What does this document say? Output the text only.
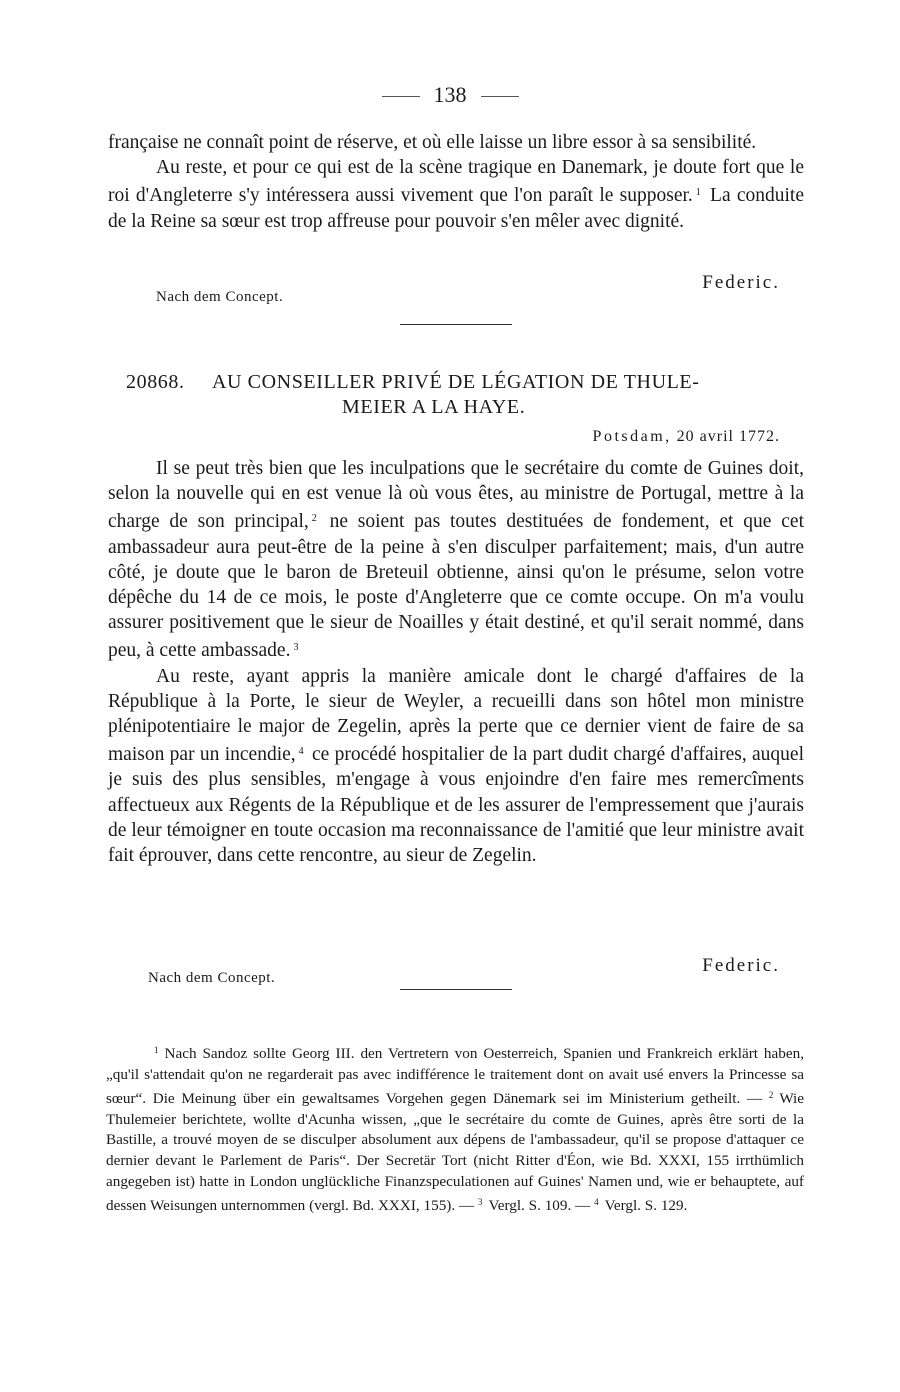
138

française ne connaît point de réserve, et où elle laisse un libre essor à sa sensibilité.

Au reste, et pour ce qui est de la scène tragique en Danemark, je doute fort que le roi d'Angleterre s'y intéressera aussi vivement que l'on paraît le supposer. $^1$ La conduite de la Reine sa sœur est trop affreuse pour pouvoir s'en mêler avec dignité.

Federic.
Nach dem Concept.
20868. AU CONSEILLER PRIVÉ DE LÉGATION DE THULE-
MEIER A LA HAYE.
Potsdam, 20 avril 1772.

Il se peut très bien que les inculpations que le secrétaire du comte de Guines doit, selon la nouvelle qui en est venue là où vous êtes, au ministre de Portugal, mettre à la charge de son principal, $^2$ ne soient pas toutes destituées de fondement, et que cet ambassadeur aura peut-être de la peine à s'en disculper parfaitement; mais, d'un autre côté, je doute que le baron de Breteuil obtienne, ainsi qu'on le présume, selon votre dépêche du 14 de ce mois, le poste d'Angleterre que ce comte occupe. On m'a voulu assurer positivement que le sieur de Noailles y était destiné, et qu'il serait nommé, dans peu, à cette ambassade. $^3$

Au reste, ayant appris la manière amicale dont le chargé d'affaires de la République à la Porte, le sieur de Weyler, a recueilli dans son hôtel mon ministre plénipotentiaire le major de Zegelin, après la perte que ce dernier vient de faire de sa maison par un incendie, $^4$ ce procédé hospitalier de la part dudit chargé d'affaires, auquel je suis des plus sensibles, m'engage à vous enjoindre d'en faire mes remercîments affectueux aux Régents de la République et de les assurer de l'empressement que j'aurais de leur témoigner en toute occasion ma reconnaissance de l'amitié que leur ministre avait fait éprouver, dans cette rencontre, au sieur de Zegelin.

Federic.
Nach dem Concept.

$^1$ Nach Sandoz sollte Georg III. den Vertretern von Oesterreich, Spanien und Frankreich erklärt haben, „qu'il s'attendait qu'on ne regarderait pas avec indifférence le traitement dont on avait usé envers la Princesse sa sœur“. Die Meinung über ein gewaltsames Vorgehen gegen Dänemark sei im Ministerium getheilt. — $^2$ Wie Thulemeier berichtete, wollte d'Acunha wissen, „que le secrétaire du comte de Guines, après être sorti de la Bastille, a trouvé moyen de se disculper absolument aux dépens de l'ambassadeur, qu'il se propose d'attaquer ce dernier devant le Parlement de Paris“. Der Secretär Tort (nicht Ritter d'Éon, wie Bd. XXXI, 155 irrthümlich angegeben ist) hatte in London unglückliche Finanzspeculationen auf Guines' Namen und, wie er behauptete, auf dessen Weisungen unternommen (vergl. Bd. XXXI, 155). — $^3$ Vergl. S. 109. — $^4$ Vergl. S. 129.
